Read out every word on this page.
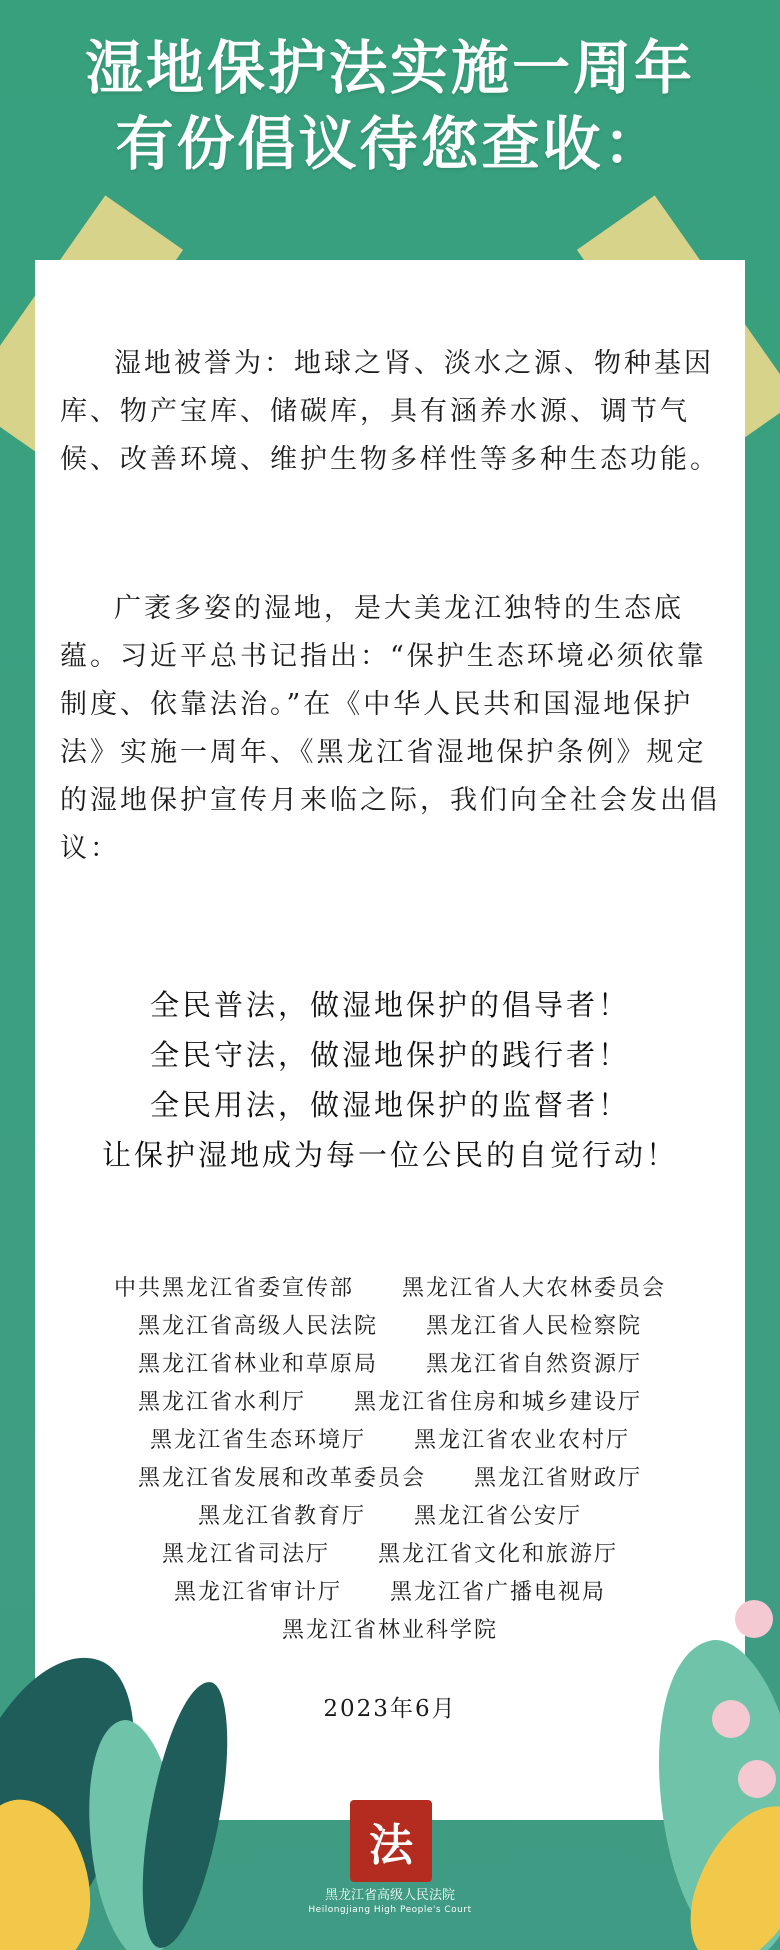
湿地保护法实施一周年
有份倡议待您查收：
湿地被誉为：地球之肾、淡水之源、物种基因库、物产宝库、储碳库，具有涵养水源、调节气候、改善环境、维护生物多样性等多种生态功能。
广袤多姿的湿地，是大美龙江独特的生态底蕴。习近平总书记指出：“保护生态环境必须依靠制度、依靠法治。”在《中华人民共和国湿地保护法》实施一周年、《黑龙江省湿地保护条例》规定的湿地保护宣传月来临之际，我们向全社会发出倡议：
全民普法，做湿地保护的倡导者！
全民守法，做湿地保护的践行者！
全民用法，做湿地保护的监督者！
让保护湿地成为每一位公民的自觉行动！
中共黑龙江省委宣传部　　黑龙江省人大农林委员会
黑龙江省高级人民法院　　黑龙江省人民检察院
黑龙江省林业和草原局　　黑龙江省自然资源厅
黑龙江省水利厅　　黑龙江省住房和城乡建设厅
黑龙江省生态环境厅　　黑龙江省农业农村厅
黑龙江省发展和改革委员会　　黑龙江省财政厅
黑龙江省教育厅　　黑龙江省公安厅
黑龙江省司法厅　　黑龙江省文化和旅游厅
黑龙江省审计厅　　黑龙江省广播电视局
黑龙江省林业科学院
2023年6月
法
黑龙江省高级人民法院
Heilongjiang High People's Court
